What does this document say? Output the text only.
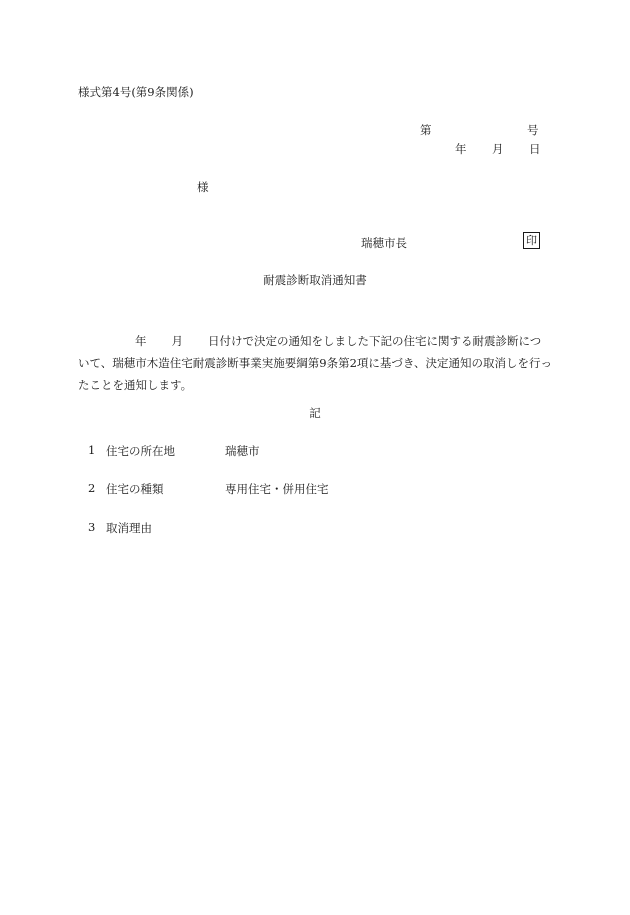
様式第4号(第9条関係)
第	号
年 月 日
様
瑞穂市長	印
耐震診断取消通知書
年 月 日付けで決定の通知をしました下記の住宅に関する耐震診断につ
いて、瑞穂市木造住宅耐震診断事業実施要綱第9条第2項に基づき、決定通知の取消しを行っ
たことを通知します。
記
1 住宅の所在地	瑞穂市
2 住宅の種類	専用住宅・併用住宅
3 取消理由
